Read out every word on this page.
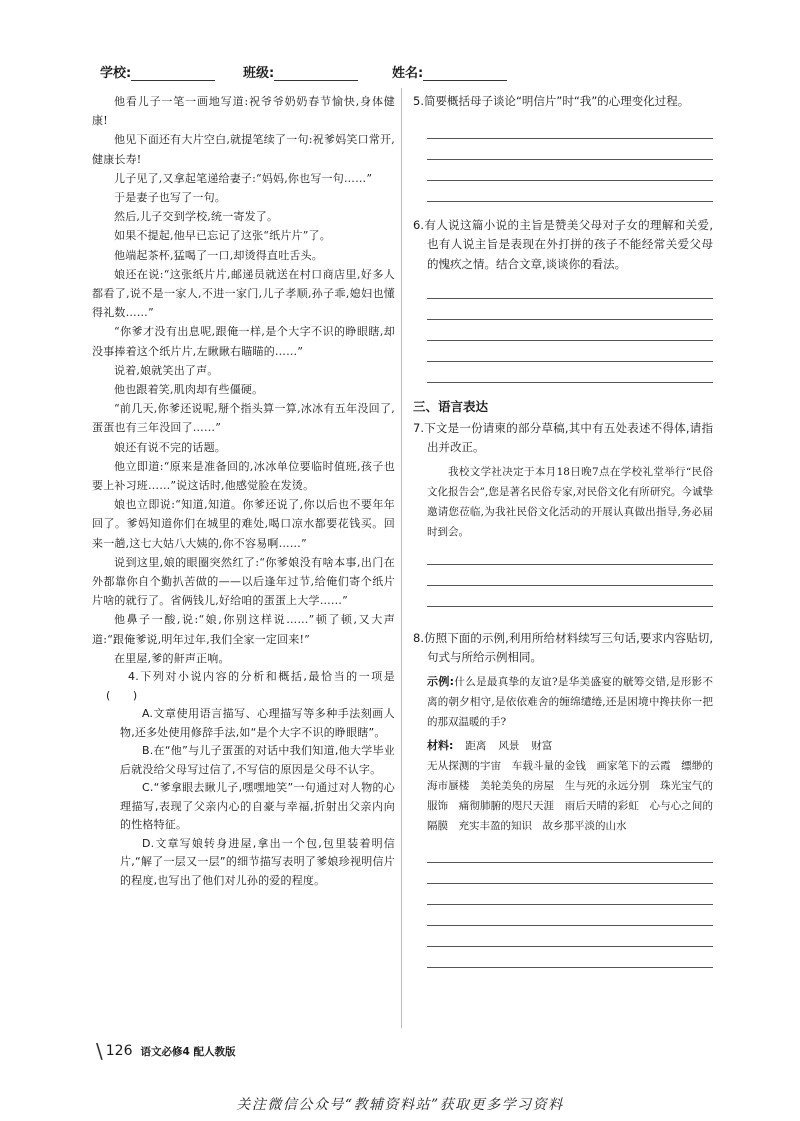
学校:	班级:	姓名:

他看儿子一笔一画地写道:祝爷爷奶奶春节愉快,身体健康!

他见下面还有大片空白,就提笔续了一句:祝爹妈笑口常开,健康长寿!

儿子见了,又拿起笔递给妻子:“妈妈,你也写一句……”

于是妻子也写了一句。

然后,儿子交到学校,统一寄发了。

如果不提起,他早已忘记了这张“纸片片”了。

他端起茶杯,猛喝了一口,却烫得直吐舌头。

娘还在说:“这张纸片片,邮递员就送在村口商店里,好多人都看了,说不是一家人,不进一家门,儿子孝顺,孙子乖,媳妇也懂得礼数……”

“你爹才没有出息呢,跟俺一样,是个大字不识的睁眼瞎,却没事捧着这个纸片片,左瞅瞅右瞄瞄的……”

说着,娘就笑出了声。

他也跟着笑,肌肉却有些僵硬。

“前几天,你爹还说呢,掰个指头算一算,冰冰有五年没回了,蛋蛋也有三年没回了……”

娘还有说不完的话题。

他立即道:“原来是准备回的,冰冰单位要临时值班,孩子也要上补习班……”说这话时,他感觉脸在发烫。

娘也立即说:“知道,知道。你爹还说了,你以后也不要年年回了。爹妈知道你们在城里的难处,喝口凉水都要花钱买。回来一趟,这七大姑八大姨的,你不容易啊……”

说到这里,娘的眼圈突然红了:“你爹娘没有啥本事,出门在外都靠你自个勤扒苦做的——以后逢年过节,给俺们寄个纸片片啥的就行了。省俩钱儿,好给咱的蛋蛋上大学……”

他鼻子一酸,说:“娘,你别这样说……”顿了顿,又大声道:“跟俺爹说,明年过年,我们全家一定回来!”

在里屋,爹的鼾声正响。

4.下列对小说内容的分析和概括,最恰当的一项是(　　)

A.文章使用语言描写、心理描写等多种手法刻画人物,还多处使用修辞手法,如“是个大字不识的睁眼瞎”。

B.在“他”与儿子蛋蛋的对话中我们知道,他大学毕业后就没给父母写过信了,不写信的原因是父母不认字。

C.“爹拿眼去瞅儿子,嘿嘿地笑”一句通过对人物的心理描写,表现了父亲内心的自豪与幸福,折射出父亲内向的性格特征。

D.文章写娘转身进屋,拿出一个包,包里装着明信片,“解了一层又一层”的细节描写表明了爹娘珍视明信片的程度,也写出了他们对儿孙的爱的程度。

5.简要概括母子谈论“明信片”时“我”的心理变化过程。

6.有人说这篇小说的主旨是赞美父母对子女的理解和关爱,也有人说主旨是表现在外打拼的孩子不能经常关爱父母的愧疚之情。结合文章,谈谈你的看法。

三、语言表达

7.下文是一份请柬的部分草稿,其中有五处表述不得体,请指出并改正。

我校文学社决定于本月18日晚7点在学校礼堂举行“民俗文化报告会”,您是著名民俗专家,对民俗文化有所研究。今诚挚邀请您莅临,为我社民俗文化活动的开展认真做出指导,务必届时到会。

8.仿照下面的示例,利用所给材料续写三句话,要求内容贴切,句式与所给示例相同。

示例:什么是最真挚的友谊?是华美盛宴的觥筹交错,是形影不离的朝夕相守,是依依难舍的缠绵缱绻,还是困境中搀扶你一把的那双温暖的手?

材料: 距离 风景 财富

无从探测的宇宙　车载斗量的金钱　画家笔下的云霞　缥缈的海市蜃楼　美轮美奂的房屋　生与死的永远分别　珠光宝气的服饰　痛彻肺腑的咫尺天涯　雨后天晴的彩虹　心与心之间的隔膜　充实丰盈的知识　故乡那平淡的山水

\ 126 语文必修4 配人教版
关注微信公众号“教辅资料站”获取更多学习资料
